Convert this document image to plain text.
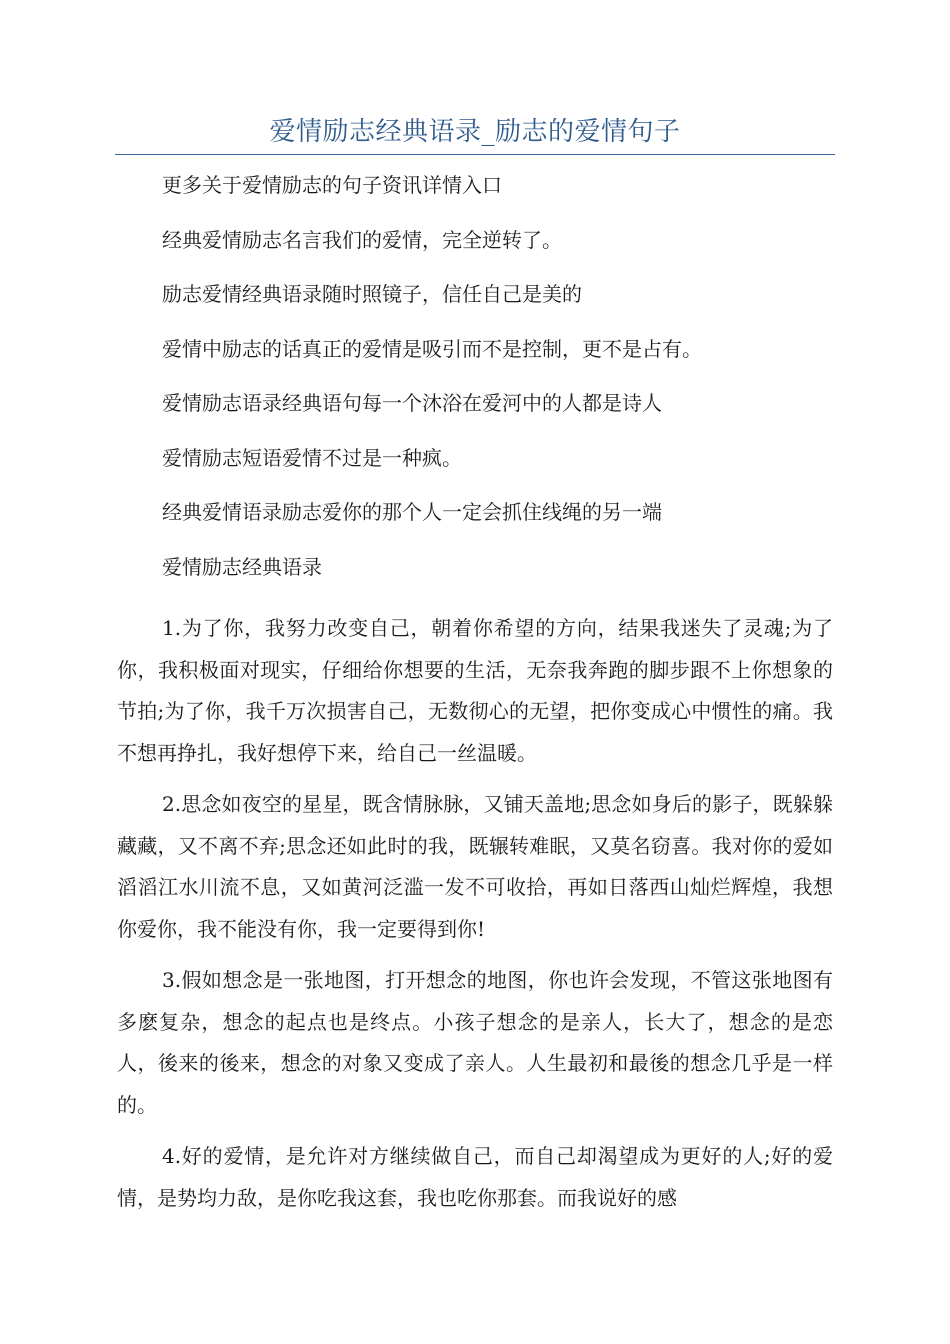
爱情励志经典语录_励志的爱情句子

更多关于爱情励志的句子资讯详情入口

经典爱情励志名言我们的爱情，完全逆转了。

励志爱情经典语录随时照镜子，信任自己是美的

爱情中励志的话真正的爱情是吸引而不是控制，更不是占有。

爱情励志语录经典语句每一个沐浴在爱河中的人都是诗人

爱情励志短语爱情不过是一种疯。

经典爱情语录励志爱你的那个人一定会抓住线绳的另一端

爱情励志经典语录

1.为了你，我努力改变自己，朝着你希望的方向，结果我迷失了灵魂;为了你，我积极面对现实，仔细给你想要的生活，无奈我奔跑的脚步跟不上你想象的节拍;为了你，我千万次损害自己，无数彻心的无望，把你变成心中惯性的痛。我不想再挣扎，我好想停下来，给自己一丝温暖。

2.思念如夜空的星星，既含情脉脉，又铺天盖地;思念如身后的影子，既躲躲藏藏，又不离不弃;思念还如此时的我，既辗转难眠，又莫名窃喜。我对你的爱如滔滔江水川流不息，又如黄河泛滥一发不可收拾，再如日落西山灿烂辉煌，我想你爱你，我不能没有你，我一定要得到你!

3.假如想念是一张地图，打开想念的地图，你也许会发现，不管这张地图有多麽复杂，想念的起点也是终点。小孩子想念的是亲人，长大了，想念的是恋人，後来的後来，想念的对象又变成了亲人。人生最初和最後的想念几乎是一样的。

4.好的爱情，是允许对方继续做自己，而自己却渴望成为更好的人;好的爱情，是势均力敌，是你吃我这套，我也吃你那套。而我说好的感
